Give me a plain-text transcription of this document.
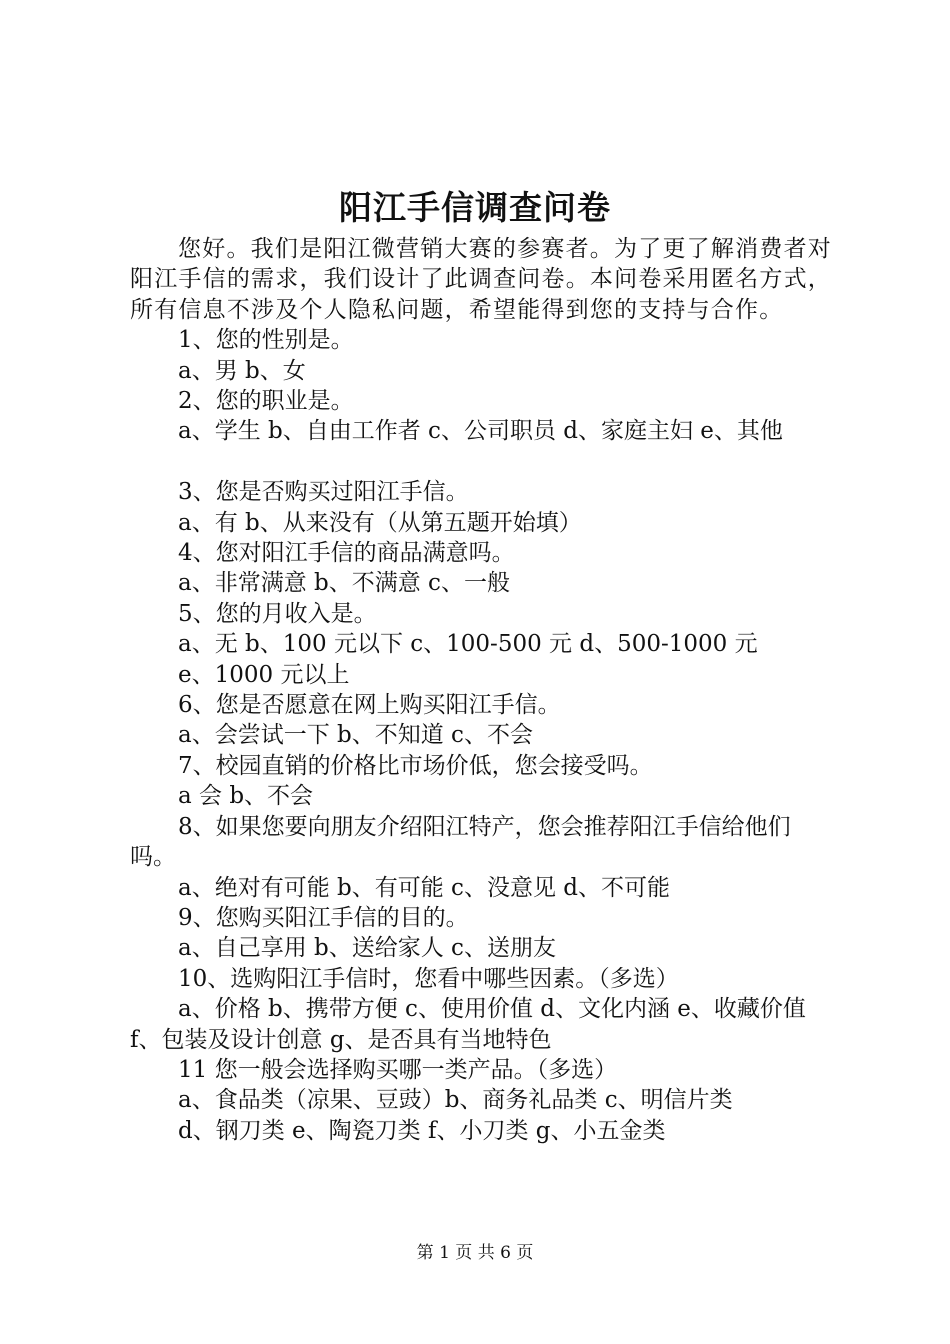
阳江手信调查问卷

您好。我们是阳江微营销大赛的参赛者。为了更了解消费者对阳江手信的需求，我们设计了此调查问卷。本问卷采用匿名方式，所有信息不涉及个人隐私问题，希望能得到您的支持与合作。

1、您的性别是。

a、男 b、女

2、您的职业是。

a、学生 b、自由工作者 c、公司职员 d、家庭主妇 e、其他

3、您是否购买过阳江手信。

a、有 b、从来没有（从第五题开始填）

4、您对阳江手信的商品满意吗。

a、非常满意 b、不满意 c、一般

5、您的月收入是。

a、无 b、100 元以下 c、100-500 元 d、500-1000 元

e、1000 元以上

6、您是否愿意在网上购买阳江手信。

a、会尝试一下 b、不知道 c、不会

7、校园直销的价格比市场价低，您会接受吗。

a 会 b、不会

8、如果您要向朋友介绍阳江特产，您会推荐阳江手信给他们吗。

a、绝对有可能 b、有可能 c、没意见 d、不可能

9、您购买阳江手信的目的。

a、自己享用 b、送给家人 c、送朋友

10、选购阳江手信时，您看中哪些因素。（多选）

a、价格 b、携带方便 c、使用价值 d、文化内涵 e、收藏价值 f、包装及设计创意 g、是否具有当地特色

11 您一般会选择购买哪一类产品。（多选）

a、食品类（凉果、豆豉）b、商务礼品类 c、明信片类

d、钢刀类 e、陶瓷刀类 f、小刀类 g、小五金类

第 1 页 共 6 页
